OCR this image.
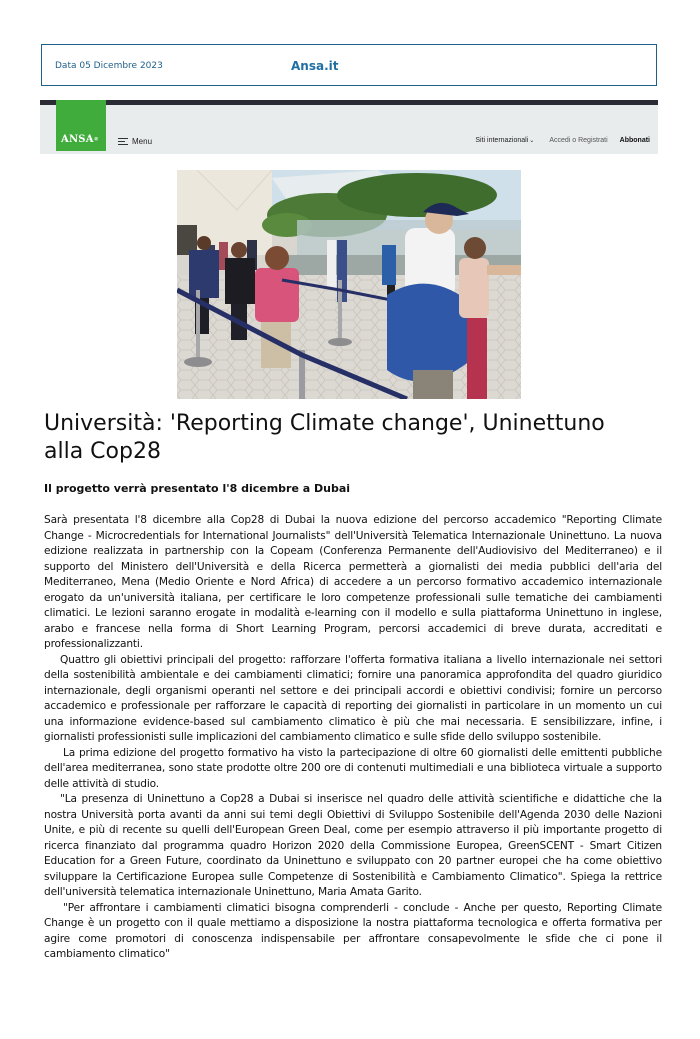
Data 05 Dicembre 2023	Ansa.it
ANSA®	Menu	Siti internazionali⌄ Accedi o Registrati Abbonati
Università: 'Reporting Climate change', Uninettuno alla Cop28
Il progetto verrà presentato l'8 dicembre a Dubai

Sarà presentata l'8 dicembre alla Cop28 di Dubai la nuova edizione del percorso accademico "Reporting Climate Change - Microcredentials for International Journalists" dell'Università Telematica Internazionale Uninettuno. La nuova edizione realizzata in partnership con la Copeam (Conferenza Permanente dell'Audiovisivo del Mediterraneo) e il supporto del Ministero dell'Università e della Ricerca permetterà a giornalisti dei media pubblici dell'aria del Mediterraneo, Mena (Medio Oriente e Nord Africa) di accedere a un percorso formativo accademico internazionale erogato da un'università italiana, per certificare le loro competenze professionali sulle tematiche dei cambiamenti climatici. Le lezioni saranno erogate in modalità e-learning con il modello e sulla piattaforma Uninettuno in inglese, arabo e francese nella forma di Short Learning Program, percorsi accademici di breve durata, accreditati e professionalizzanti.

Quattro gli obiettivi principali del progetto: rafforzare l'offerta formativa italiana a livello internazionale nei settori della sostenibilità ambientale e dei cambiamenti climatici; fornire una panoramica approfondita del quadro giuridico internazionale, degli organismi operanti nel settore e dei principali accordi e obiettivi condivisi; fornire un percorso accademico e professionale per rafforzare le capacità di reporting dei giornalisti in particolare in un momento un cui una informazione evidence-based sul cambiamento climatico è più che mai necessaria. E sensibilizzare, infine, i giornalisti professionisti sulle implicazioni del cambiamento climatico e sulle sfide dello sviluppo sostenibile.

La prima edizione del progetto formativo ha visto la partecipazione di oltre 60 giornalisti delle emittenti pubbliche dell'area mediterranea, sono state prodotte oltre 200 ore di contenuti multimediali e una biblioteca virtuale a supporto delle attività di studio.

"La presenza di Uninettuno a Cop28 a Dubai si inserisce nel quadro delle attività scientifiche e didattiche che la nostra Università porta avanti da anni sui temi degli Obiettivi di Sviluppo Sostenibile dell'Agenda 2030 delle Nazioni Unite, e più di recente su quelli dell'European Green Deal, come per esempio attraverso il più importante progetto di ricerca finanziato dal programma quadro Horizon 2020 della Commissione Europea, GreenSCENT - Smart Citizen Education for a Green Future, coordinato da Uninettuno e sviluppato con 20 partner europei che ha come obiettivo sviluppare la Certificazione Europea sulle Competenze di Sostenibilità e Cambiamento Climatico". Spiega la rettrice dell'università telematica internazionale Uninettuno, Maria Amata Garito.

"Per affrontare i cambiamenti climatici bisogna comprenderli - conclude - Anche per questo, Reporting Climate Change è un progetto con il quale mettiamo a disposizione la nostra piattaforma tecnologica e offerta formativa per agire come promotori di conoscenza indispensabile per affrontare consapevolmente le sfide che ci pone il cambiamento climatico"
